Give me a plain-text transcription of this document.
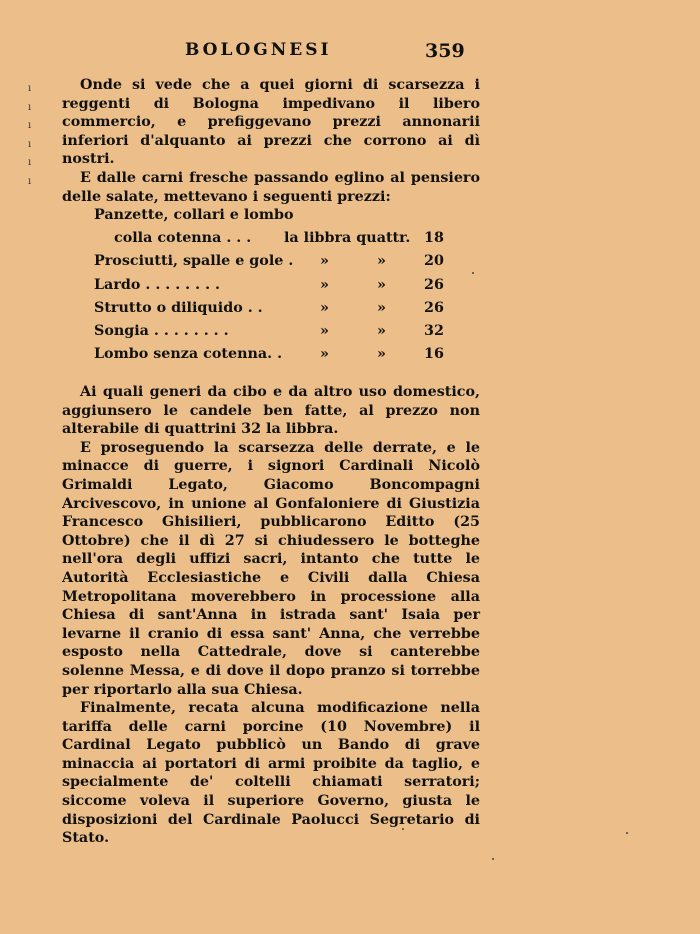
BOLOGNESI	359
ı
ı
ı
ı
ı
ı

Onde si vede che a quei giorni di scarsezza i reggenti di Bologna impedivano il libero commercio, e prefiggevano prezzi annonarii inferiori d'alquanto ai prezzi che corrono ai dì nostri.

E dalle carni fresche passando eglino al pensiero delle salate, mettevano i seguenti prezzi:

Panzette, collari e lombo
colla cotenna . . . la libbra quattr. 18
Prosciutti, spalle e gole . »	»	20
Lardo . . . . . . . .	»	»	26
Strutto o diliquido . .	»	»	26
Songia . . . . . . . .	»	»	32
Lombo senza cotenna. .	»	»	16

Ai quali generi da cibo e da altro uso domestico, aggiunsero le candele ben fatte, al prezzo non alterabile di quattrini 32 la libbra.

E proseguendo la scarsezza delle derrate, e le minacce di guerre, i signori Cardinali Nicolò Grimaldi Legato, Giacomo Boncompagni Arcivescovo, in unione al Gonfaloniere di Giustizia Francesco Ghisilieri, pubblicarono Editto (25 Ottobre) che il dì 27 si chiudessero le botteghe nell'ora degli uffizi sacri, intanto che tutte le Autorità Ecclesiastiche e Civili dalla Chiesa Metropolitana moverebbero in processione alla Chiesa di sant'Anna in istrada sant' Isaia per levarne il cranio di essa sant' Anna, che verrebbe esposto nella Cattedrale, dove si canterebbe solenne Messa, e di dove il dopo pranzo si torrebbe per riportarlo alla sua Chiesa.

Finalmente, recata alcuna modificazione nella tariffa delle carni porcine (10 Novembre) il Cardinal Legato pubblicò un Bando di grave minaccia ai portatori di armi proibite da taglio, e specialmente de' coltelli chiamati serratori; siccome voleva il superiore Governo, giusta le disposizioni del Cardinale Paolucci Segretario di Stato.
